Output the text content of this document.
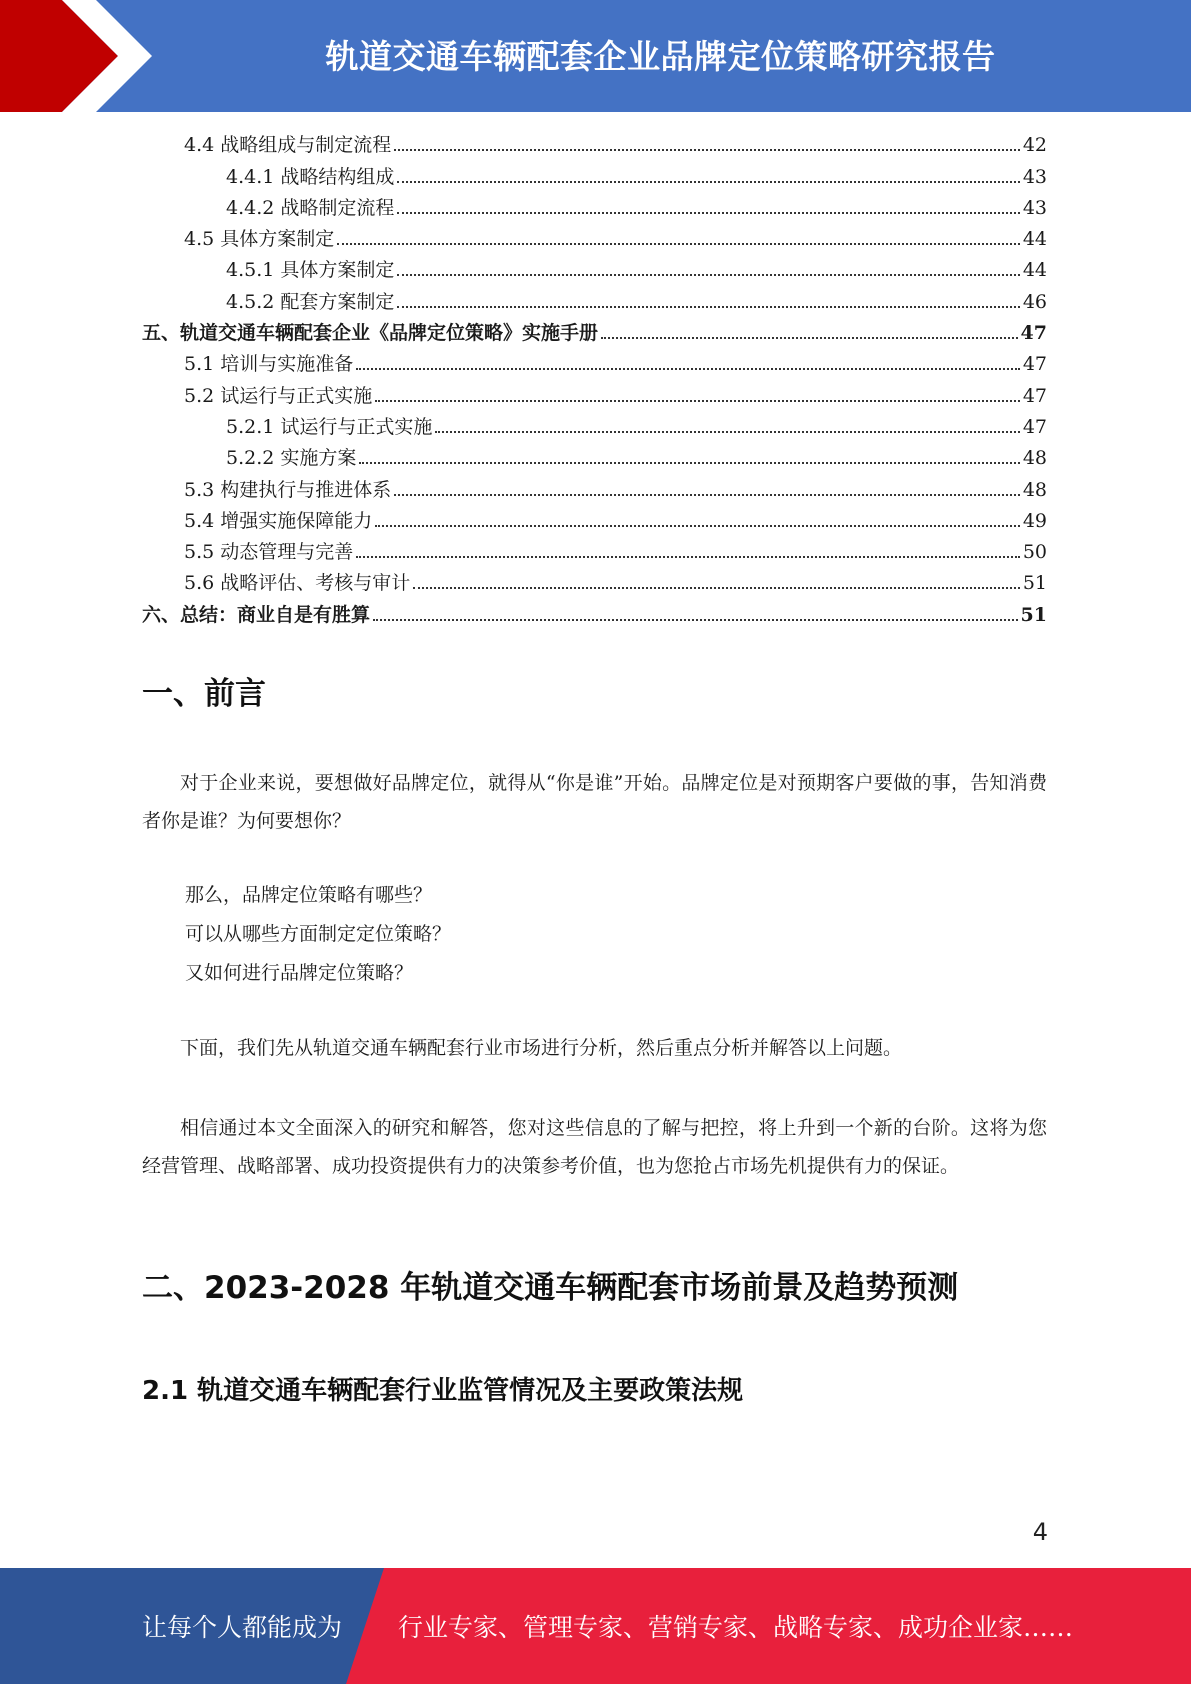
轨道交通车辆配套企业品牌定位策略研究报告
4.4 战略组成与制定流程	42
4.4.1 战略结构组成	43
4.4.2 战略制定流程	43
4.5 具体方案制定	44
4.5.1 具体方案制定	44
4.5.2 配套方案制定	46
五、轨道交通车辆配套企业《品牌定位策略》实施手册	47
5.1 培训与实施准备	47
5.2 试运行与正式实施	47
5.2.1 试运行与正式实施	47
5.2.2 实施方案	48
5.3 构建执行与推进体系	48
5.4 增强实施保障能力	49
5.5 动态管理与完善	50
5.6 战略评估、考核与审计	51
六、总结：商业自是有胜算	51
一、前言

对于企业来说，要想做好品牌定位，就得从“你是谁”开始。品牌定位是对预期客户要做的事，告知消费者你是谁？为何要想你？

那么，品牌定位策略有哪些？

可以从哪些方面制定定位策略？

又如何进行品牌定位策略？

下面，我们先从轨道交通车辆配套行业市场进行分析，然后重点分析并解答以上问题。

相信通过本文全面深入的研究和解答，您对这些信息的了解与把控，将上升到一个新的台阶。这将为您经营管理、战略部署、成功投资提供有力的决策参考价值，也为您抢占市场先机提供有力的保证。

二、2023-2028 年轨道交通车辆配套市场前景及趋势预测
2.1 轨道交通车辆配套行业监管情况及主要政策法规
4
让每个人都能成为 行业专家、管理专家、营销专家、战略专家、成功企业家……
